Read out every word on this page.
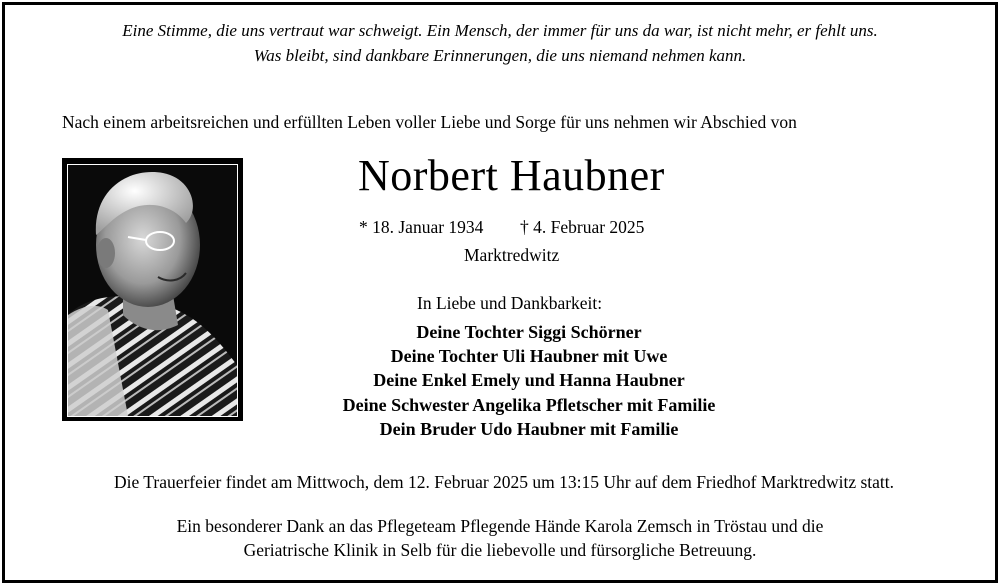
Eine Stimme, die uns vertraut war schweigt. Ein Mensch, der immer für uns da war, ist nicht mehr, er fehlt uns.
Was bleibt, sind dankbare Erinnerungen, die uns niemand nehmen kann.
Nach einem arbeitsreichen und erfüllten Leben voller Liebe und Sorge für uns nehmen wir Abschied von
Norbert Haubner
* 18. Januar 1934 † 4. Februar 2025
Marktredwitz
In Liebe und Dankbarkeit:
Deine Tochter Siggi Schörner
Deine Tochter Uli Haubner mit Uwe
Deine Enkel Emely und Hanna Haubner
Deine Schwester Angelika Pfletscher mit Familie
Dein Bruder Udo Haubner mit Familie
Die Trauerfeier findet am Mittwoch, dem 12. Februar 2025 um 13:15 Uhr auf dem Friedhof Marktredwitz statt.
Ein besonderer Dank an das Pflegeteam Pflegende Hände Karola Zemsch in Tröstau und die
Geriatrische Klinik in Selb für die liebevolle und fürsorgliche Betreuung.
